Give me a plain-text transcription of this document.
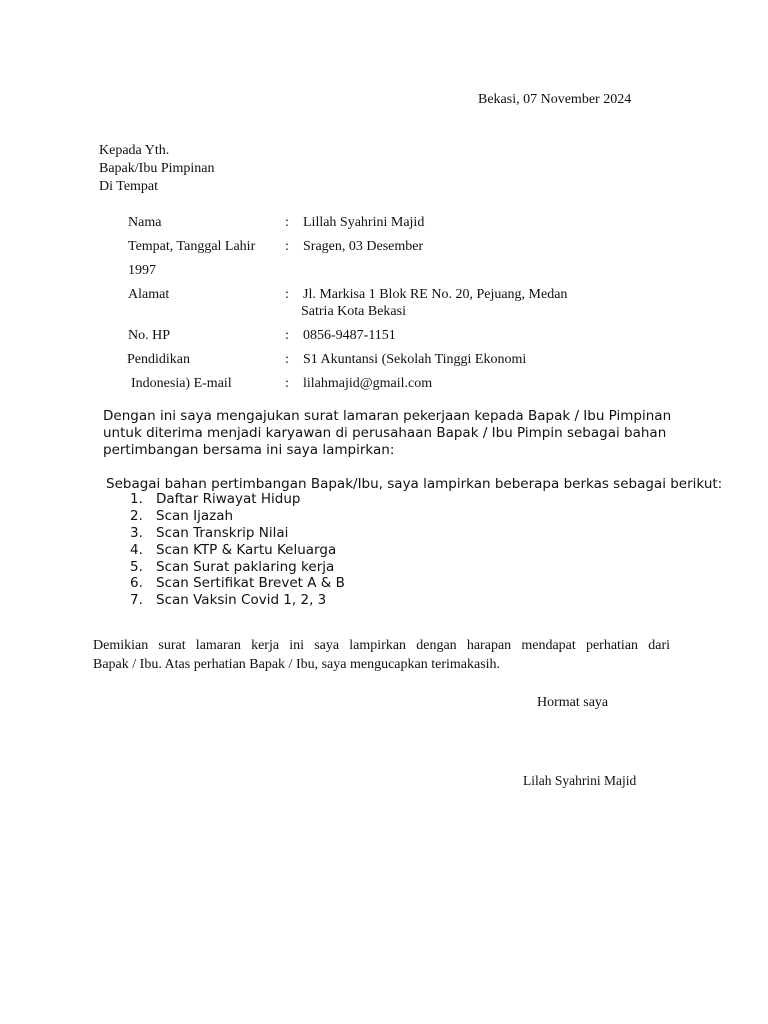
Bekasi, 07 November 2024
Kepada Yth.
Bapak/Ibu Pimpinan
Di Tempat
Nama	: Lillah Syahrini Majid
Tempat, Tanggal Lahir : Sragen, 03 Desember
1997
Alamat	: Jl. Markisa 1 Blok RE No. 20, Pejuang, Medan
Satria Kota Bekasi
No. HP	: 0856-9487-1151
Pendidikan	: S1 Akuntansi (Sekolah Tinggi Ekonomi
Indonesia) E-mail	: lilahmajid@gmail.com
Dengan ini saya mengajukan surat lamaran pekerjaan kepada Bapak / Ibu Pimpinan
untuk diterima menjadi karyawan di perusahaan Bapak / Ibu Pimpin sebagai bahan
pertimbangan bersama ini saya lampirkan:
Sebagai bahan pertimbangan Bapak/Ibu, saya lampirkan beberapa berkas sebagai berikut:
1. Daftar Riwayat Hidup
2. Scan Ijazah
3. Scan Transkrip Nilai
4. Scan KTP & Kartu Keluarga
5. Scan Surat paklaring kerja
6. Scan Sertifikat Brevet A & B
7. Scan Vaksin Covid 1, 2, 3
Demikian surat lamaran kerja ini saya lampirkan dengan harapan mendapat perhatian dari
Bapak / Ibu. Atas perhatian Bapak / Ibu, saya mengucapkan terimakasih.
Hormat saya
Lilah Syahrini Majid
